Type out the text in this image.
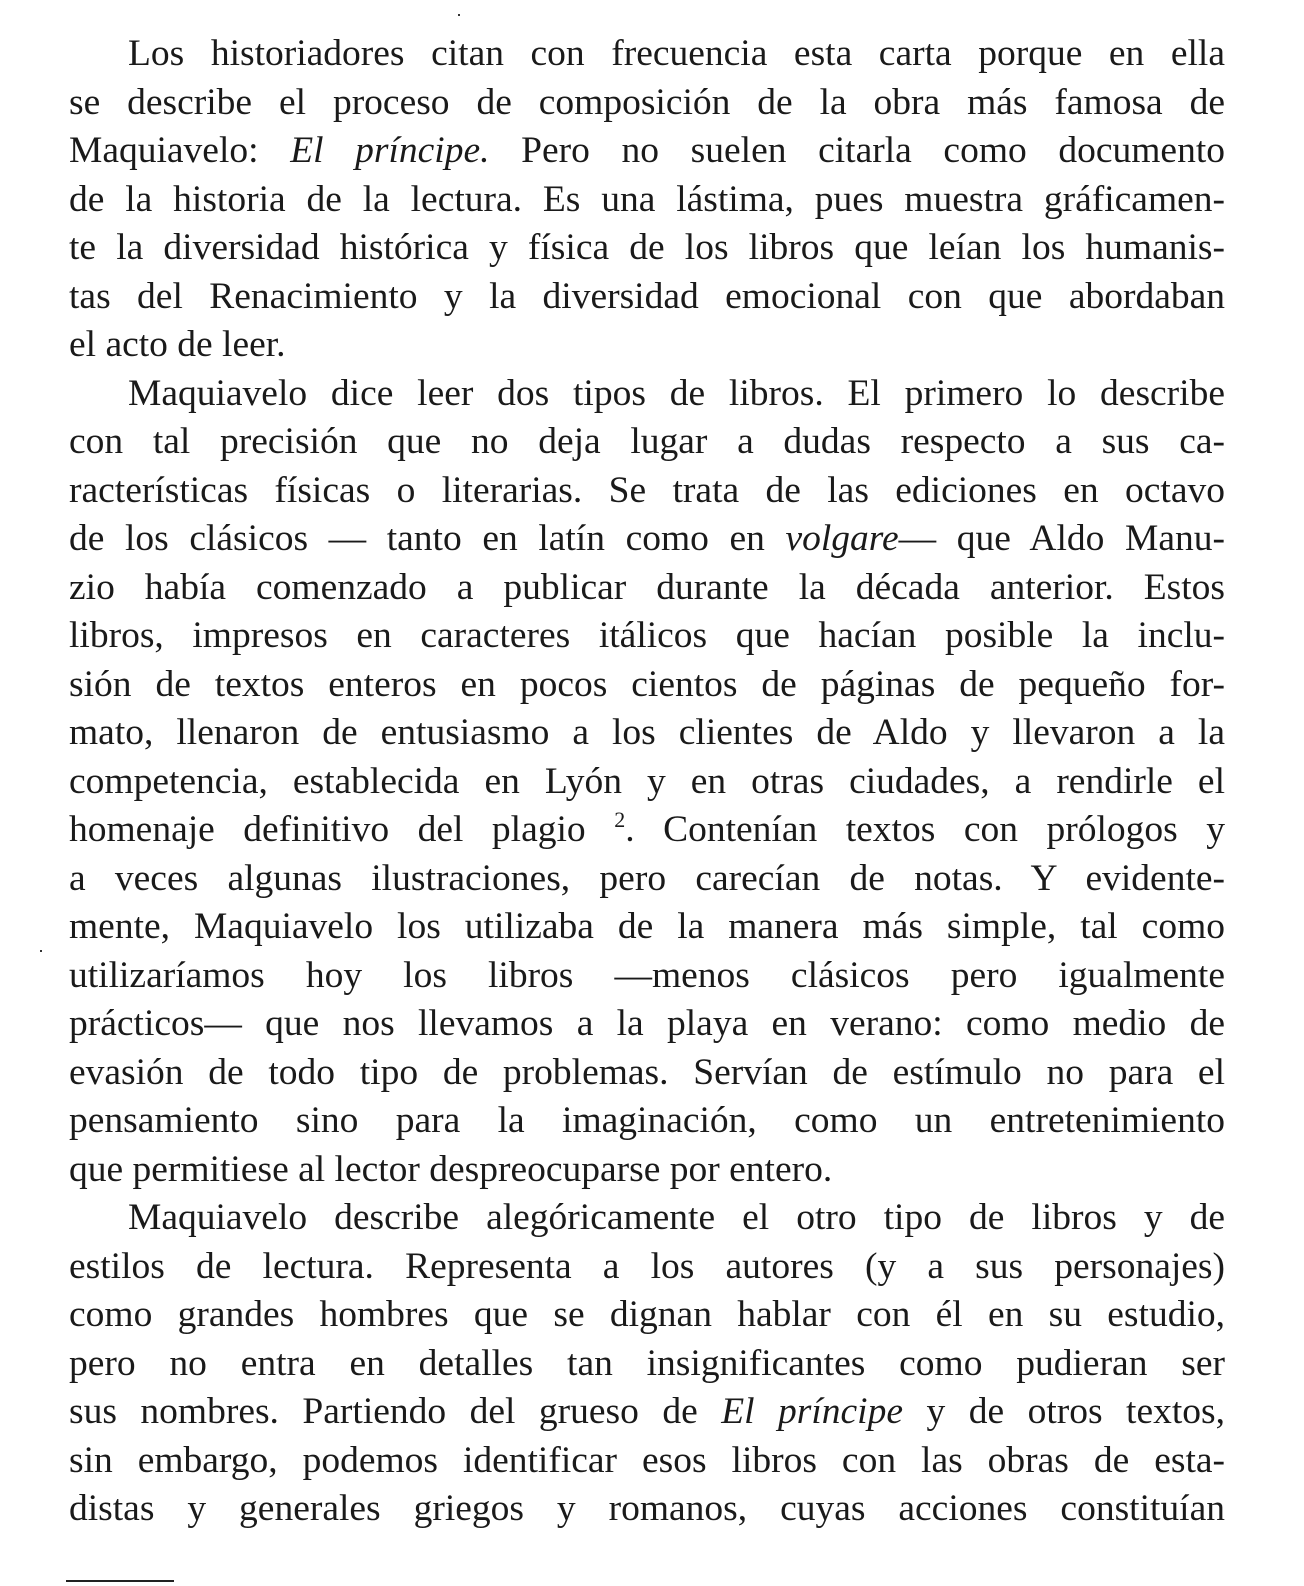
Los historiadores citan con frecuencia esta carta porque en ella
se describe el proceso de composición de la obra más famosa de
Maquiavelo: El príncipe. Pero no suelen citarla como documento
de la historia de la lectura. Es una lástima, pues muestra gráficamen-
te la diversidad histórica y física de los libros que leían los humanis-
tas del Renacimiento y la diversidad emocional con que abordaban
el acto de leer.
Maquiavelo dice leer dos tipos de libros. El primero lo describe
con tal precisión que no deja lugar a dudas respecto a sus ca-
racterísticas físicas o literarias. Se trata de las ediciones en octavo
de los clásicos — tanto en latín como en volgare— que Aldo Manu-
zio había comenzado a publicar durante la década anterior. Estos
libros, impresos en caracteres itálicos que hacían posible la inclu-
sión de textos enteros en pocos cientos de páginas de pequeño for-
mato, llenaron de entusiasmo a los clientes de Aldo y llevaron a la
competencia, establecida en Lyón y en otras ciudades, a rendirle el
homenaje definitivo del plagio $^2$. Contenían textos con prólogos y
a veces algunas ilustraciones, pero carecían de notas. Y evidente-
mente, Maquiavelo los utilizaba de la manera más simple, tal como
utilizaríamos hoy los libros —menos clásicos pero igualmente
prácticos— que nos llevamos a la playa en verano: como medio de
evasión de todo tipo de problemas. Servían de estímulo no para el
pensamiento sino para la imaginación, como un entretenimiento
que permitiese al lector despreocuparse por entero.
Maquiavelo describe alegóricamente el otro tipo de libros y de
estilos de lectura. Representa a los autores (y a sus personajes)
como grandes hombres que se dignan hablar con él en su estudio,
pero no entra en detalles tan insignificantes como pudieran ser
sus nombres. Partiendo del grueso de El príncipe y de otros textos,
sin embargo, podemos identificar esos libros con las obras de esta-
distas y generales griegos y romanos, cuyas acciones constituían
